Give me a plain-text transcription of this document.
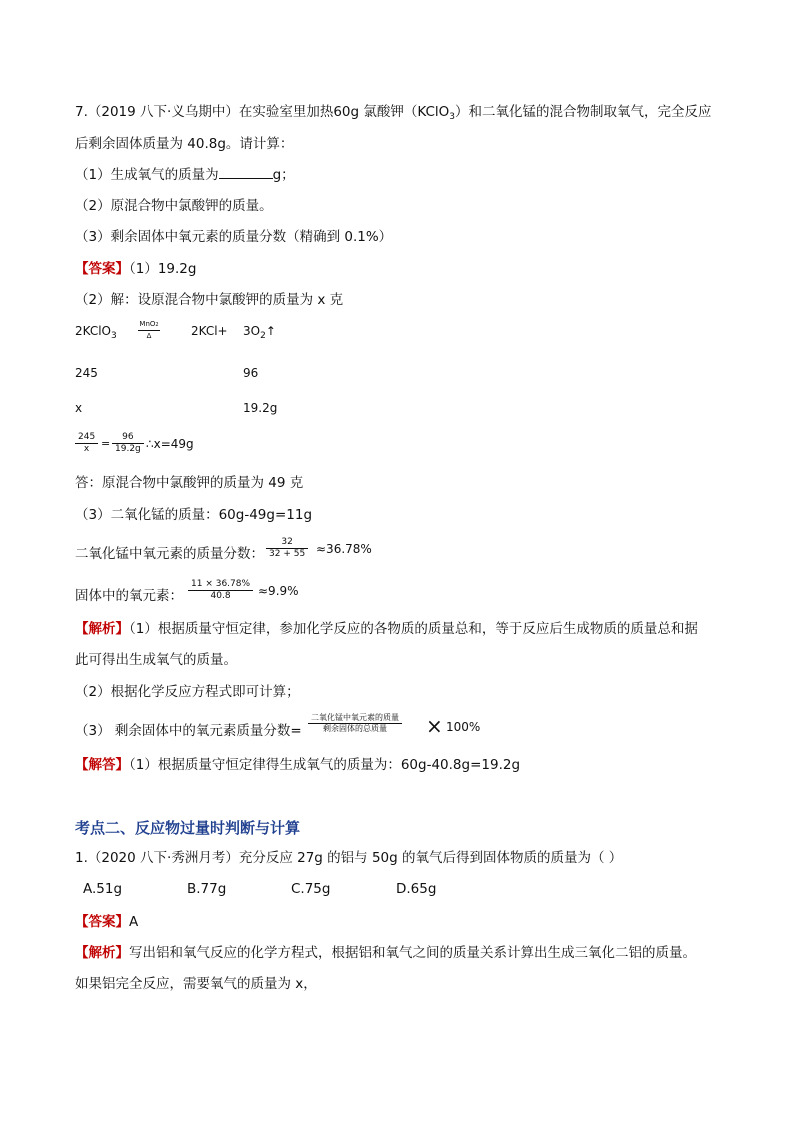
7.（2019 八下·义乌期中）在实验室里加热60g 氯酸钾（KClO$_3$）和二氧化锰的混合物制取氧气，完全反应
后剩余固体质量为 40.8g。请计算：
（1）生成氧气的质量为	g；
（2）原混合物中氯酸钾的质量。
（3）剩余固体中氧元素的质量分数（精确到 0.1%）
【答案】（1）19.2g
（2）解：设原混合物中氯酸钾的质量为 x 克
2KClO$_3$
MnO2
Δ	$2KCl+ 3O_2↑$
245	96
x	19.2g
245
x =	96
19.2g ∴x=49g
答：原混合物中氯酸钾的质量为 49 克
（3）二氧化锰的质量：60g-49g=11g
二氧化锰中氧元素的质量分数：
32
32 + 55 ≈36.78%
固体中的氧元素：
11 × 36.78%
40.8 ≈9.9%
【解析】（1）根据质量守恒定律，参加化学反应的各物质的质量总和，等于反应后生成物质的质量总和据
此可得出生成氧气的质量。
（2）根据化学反应方程式即可计算；
（3） 剩余固体中的氧元素质量分数=
二氧化锰中氧元素的质量
剩余固体的总质量 × 100%
【解答】（1）根据质量守恒定律得生成氧气的质量为：60g-40.8g=19.2g
考点二、反应物过量时判断与计算
1.（2020 八下·秀洲月考）充分反应 27g 的铝与 50g 的氧气后得到固体物质的质量为（ ）
A.51g	B.77g	C.75g	D.65g
【答案】A
【解析】写出铝和氧气反应的化学方程式，根据铝和氧气之间的质量关系计算出生成三氧化二铝的质量。
如果铝完全反应，需要氧气的质量为 x，
